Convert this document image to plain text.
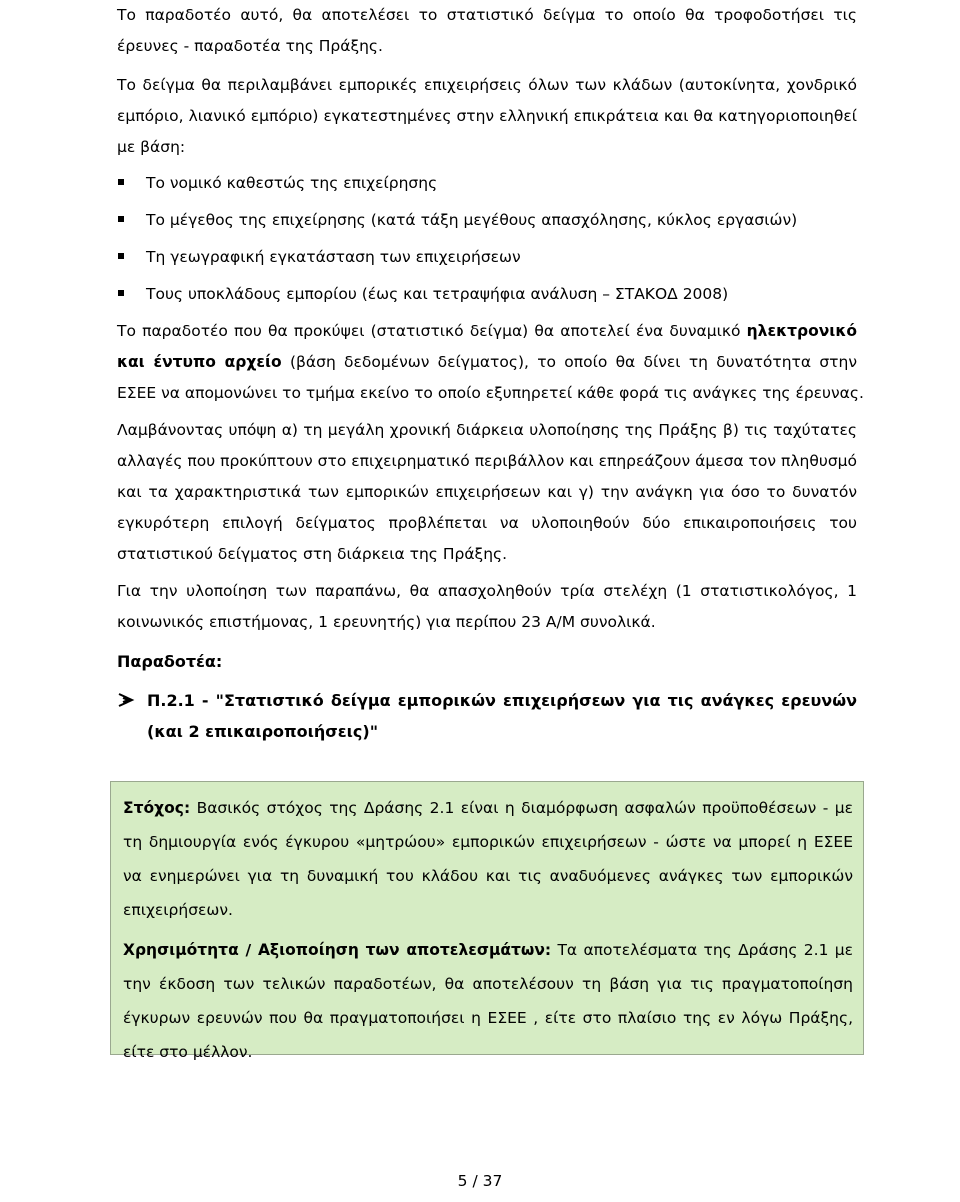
Το παραδοτέο αυτό, θα αποτελέσει το στατιστικό δείγμα το οποίο θα τροφοδοτήσει τις
έρευνες - παραδοτέα της Πράξης.
Το δείγμα θα περιλαμβάνει εμπορικές επιχειρήσεις όλων των κλάδων (αυτοκίνητα, χονδρικό
εμπόριο, λιανικό εμπόριο) εγκατεστημένες στην ελληνική επικράτεια και θα κατηγοριοποιηθεί
με βάση:
Το νομικό καθεστώς της επιχείρησης
Το μέγεθος της επιχείρησης (κατά τάξη μεγέθους απασχόλησης, κύκλος εργασιών)
Τη γεωγραφική εγκατάσταση των επιχειρήσεων
Τους υποκλάδους εμπορίου (έως και τετραψήφια ανάλυση – ΣΤΑΚΟΔ 2008)
Το παραδοτέο που θα προκύψει (στατιστικό δείγμα) θα αποτελεί ένα δυναμικό ηλεκτρονικό
και έντυπο αρχείο (βάση δεδομένων δείγματος), το οποίο θα δίνει τη δυνατότητα στην
ΕΣΕΕ να απομονώνει το τμήμα εκείνο το οποίο εξυπηρετεί κάθε φορά τις ανάγκες της έρευνας.
Λαμβάνοντας υπόψη α) τη μεγάλη χρονική διάρκεια υλοποίησης της Πράξης β) τις ταχύτατες
αλλαγές που προκύπτουν στο επιχειρηματικό περιβάλλον και επηρεάζουν άμεσα τον πληθυσμό
και τα χαρακτηριστικά των εμπορικών επιχειρήσεων και γ) την ανάγκη για όσο το δυνατόν
εγκυρότερη επιλογή δείγματος προβλέπεται να υλοποιηθούν δύο επικαιροποιήσεις του
στατιστικού δείγματος στη διάρκεια της Πράξης.
Για την υλοποίηση των παραπάνω, θα απασχοληθούν τρία στελέχη (1 στατιστικολόγος, 1
κοινωνικός επιστήμονας, 1 ερευνητής) για περίπου 23 Α/Μ συνολικά.
Παραδοτέα:
Π.2.1 - "Στατιστικό δείγμα εμπορικών επιχειρήσεων για τις ανάγκες ερευνών
(και 2 επικαιροποιήσεις)"
Στόχος: Βασικός στόχος της Δράσης 2.1 είναι η διαμόρφωση ασφαλών προϋποθέσεων - με
τη δημιουργία ενός έγκυρου «μητρώου» εμπορικών επιχειρήσεων - ώστε να μπορεί η ΕΣΕΕ
να ενημερώνει για τη δυναμική του κλάδου και τις αναδυόμενες ανάγκες των εμπορικών
επιχειρήσεων.
Χρησιμότητα / Αξιοποίηση των αποτελεσμάτων: Τα αποτελέσματα της Δράσης 2.1 με
την έκδοση των τελικών παραδοτέων, θα αποτελέσουν τη βάση για τις πραγματοποίηση
έγκυρων ερευνών που θα πραγματοποιήσει η ΕΣΕΕ , είτε στο πλαίσιο της εν λόγω Πράξης,
είτε στο μέλλον.
5 / 37
